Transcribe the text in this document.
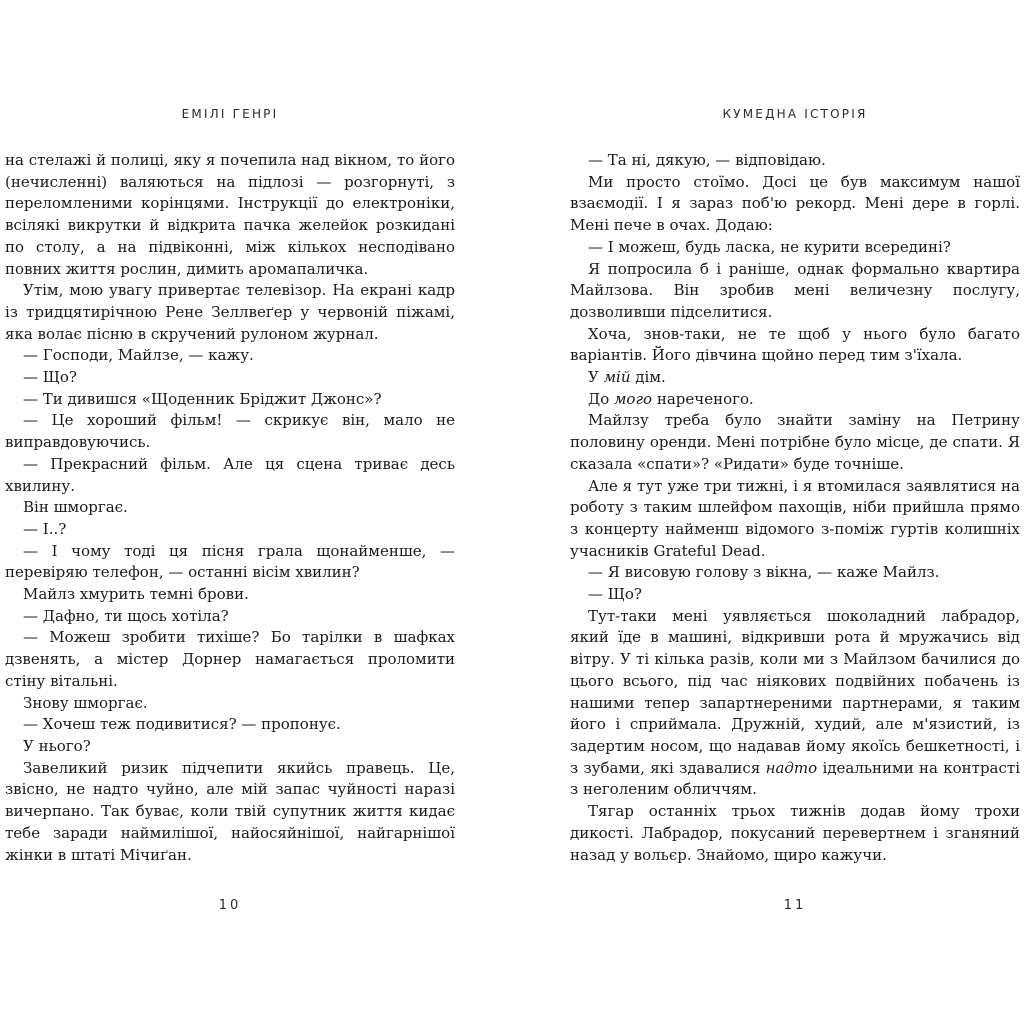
ЕМІЛІ ГЕНРІ

на стелажі й полиці, яку я почепила над вікном, то його (нечисленні) валяються на підлозі — розгорнуті, з переломленими корінцями. Інструкції до електроніки, всілякі викрутки й відкрита пачка желейок розкидані по столу, а на підвіконні, між кількох несподівано повних життя рослин, димить аромапаличка.

Утім, мою увагу привертає телевізор. На екрані кадр із тридцятирічною Рене Зеллвеґер у червоній піжамі, яка волає пісню в скручений рулоном журнал.

— Господи, Майлзе, — кажу.

— Що?

— Ти дивишся «Щоденник Бріджит Джонс»?

— Це хороший фільм! — скрикує він, мало не виправдовуючись.

— Прекрасний фільм. Але ця сцена триває десь хвилину.

Він шморгає.

— І..?

— І чому тоді ця пісня грала щонайменше, — перевіряю телефон, — останні вісім хвилин?

Майлз хмурить темні брови.

— Дафно, ти щось хотіла?

— Можеш зробити тихіше? Бо тарілки в шафках дзвенять, а містер Дорнер намагається проломити стіну вітальні.

Знову шморгає.

— Хочеш теж подивитися? — пропонує.

У нього?

Завеликий ризик підчепити якийсь правець. Це, звісно, не надто чуйно, але мій запас чуйності наразі вичерпано. Так буває, коли твій супутник життя кидає тебе заради наймилішої, найосяйнішої, найгарнішої жінки в штаті Мічиґан.

10
КУМЕДНА ІСТОРІЯ

— Та ні, дякую, — відповідаю.

Ми просто стоїмо. Досі це був максимум нашої взаємодії. І я зараз поб'ю рекорд. Мені дере в горлі. Мені пече в очах. Додаю:

— І можеш, будь ласка, не курити всередині?

Я попросила б і раніше, однак формально квартира Майлзова. Він зробив мені величезну послугу, дозволивши підселитися.

Хоча, знов-таки, не те щоб у нього було багато варіантів. Його дівчина щойно перед тим з'їхала.

У мій дім.

До мого нареченого.

Майлзу треба було знайти заміну на Петрину половину оренди. Мені потрібне було місце, де спати. Я сказала «спати»? «Ридати» буде точніше.

Але я тут уже три тижні, і я втомилася заявлятися на роботу з таким шлейфом пахощів, ніби прийшла прямо з концерту найменш відомого з-поміж гуртів колишніх учасників Grateful Dead.

— Я висовую голову з вікна, — каже Майлз.

— Що?

Тут-таки мені уявляється шоколадний лабрадор, який їде в машині, відкривши рота й мружачись від вітру. У ті кілька разів, коли ми з Майлзом бачилися до цього всього, під час ніякових подвійних побачень із нашими тепер запартнереними партнерами, я таким його і сприймала. Дружній, худий, але м'язистий, із задертим носом, що надавав йому якоїсь бешкетності, і з зубами, які здавалися надто ідеальними на контрасті з неголеним обличчям.

Тягар останніх трьох тижнів додав йому трохи дикості. Лабрадор, покусаний перевертнем і зганяний назад у вольєр. Знайомо, щиро кажучи.

11
